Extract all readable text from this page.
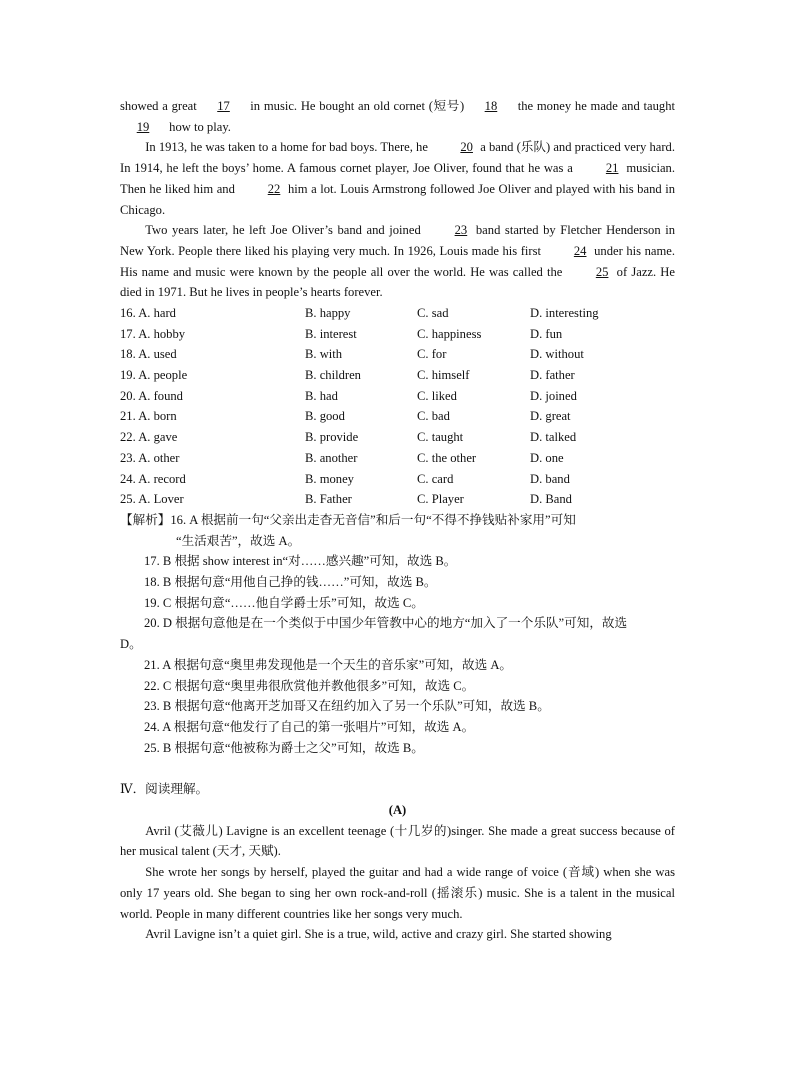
showed a great 17 in music. He bought an old cornet (短号) 18 the money he made and taught 19 how to play.

In 1913, he was taken to a home for bad boys. There, he 20 a band (乐队) and practiced very hard. In 1914, he left the boys’ home. A famous cornet player, Joe Oliver, found that he was a 21 musician. Then he liked him and 22 him a lot. Louis Armstrong followed Joe Oliver and played with his band in Chicago.

Two years later, he left Joe Oliver’s band and joined 23 band started by Fletcher Henderson in New York. People there liked his playing very much. In 1926, Louis made his first 24 under his name. His name and music were known by the people all over the world. He was called the 25 of Jazz. He died in 1971. But he lives in people’s hearts forever.

16. A. hard	B. happy	C. sad	D. interesting
17. A. hobby	B. interest	C. happiness	D. fun
18. A. used	B. with	C. for	D. without
19. A. people	B. children	C. himself	D. father
20. A. found	B. had	C. liked	D. joined
21. A. born	B. good	C. bad	D. great
22. A. gave	B. provide	C. taught	D. talked
23. A. other	B. another	C. the other	D. one
24. A. record	B. money	C. card	D. band
25. A. Lover	B. Father	C. Player	D. Band

【解析】16. A 根据前一句“父亲出走杳无音信”和后一句“不得不挣钱贴补家用”可知

“生活艰苦”，故选 A。

17. B 根据 show interest in“对……感兴趣”可知，故选 B。

18. B 根据句意“用他自己挣的钱……”可知，故选 B。

19. C 根据句意“……他自学爵士乐”可知，故选 C。

20. D 根据句意他是在一个类似于中国少年管教中心的地方“加入了一个乐队”可知，故选

D。

21. A 根据句意“奥里弗发现他是一个天生的音乐家”可知，故选 A。

22. C 根据句意“奥里弗很欣赏他并教他很多”可知，故选 C。

23. B 根据句意“他离开芝加哥又在纽约加入了另一个乐队”可知，故选 B。

24. A 根据句意“他发行了自己的第一张唱片”可知，故选 A。

25. B 根据句意“他被称为爵士之父”可知，故选 B。

Ⅳ．阅读理解。

(A)

Avril (艾薇儿) Lavigne is an excellent teenage (十几岁的)singer. She made a great success because of her musical talent (天才, 天赋).

She wrote her songs by herself, played the guitar and had a wide range of voice (音域) when she was only 17 years old. She began to sing her own rock-and-roll (摇滚乐) music. She is a talent in the musical world. People in many different countries like her songs very much.

Avril Lavigne isn’t a quiet girl. She is a true, wild, active and crazy girl. She started showing
